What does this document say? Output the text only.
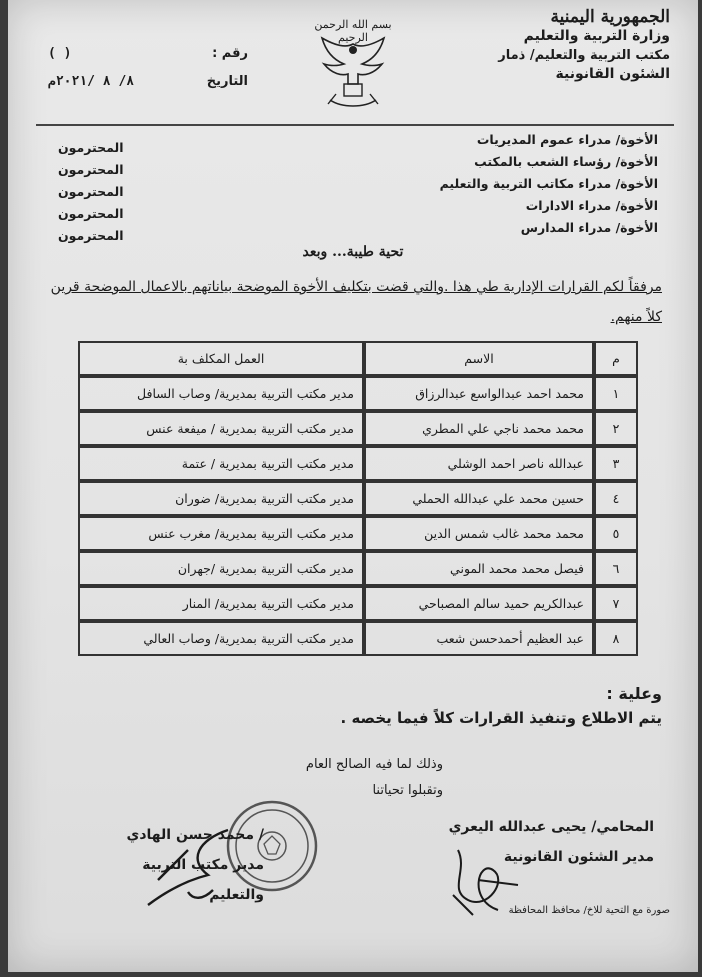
الجمهورية اليمنية
وزارة التربية والتعليم
مكتب التربية والتعليم/ ذمار
الشئون القانونية
بسم الله الرحمن الرحيم
رقم :
( )
التاريخ
٨/ ٨ /٢٠٢١م
الأخوة/ مدراء عموم المديريات
المحترمون
الأخوة/ رؤساء الشعب بالمكتب
المحترمون
الأخوة/ مدراء مكاتب التربية والتعليم
المحترمون
الأخوة/ مدراء الادارات
المحترمون
الأخوة/ مدراء المدارس
المحترمون
تحية طيبة... وبعد
مرفقاً لكم القرارات الإدارية طي هذا .والتي قضت بتكليف الأخوة الموضحة بياناتهم بالاعمال الموضحة قرين كلاً منهم.
م	الاسم	العمل المكلف بة
١	محمد احمد عبدالواسع عبدالرزاق	مدير مكتب التربية بمديرية/ وصاب السافل
٢	محمد محمد ناجي علي المطري	مدير مكتب التربية بمديرية / ميفعة عنس
٣	عبدالله ناصر احمد الوشلي	مدير مكتب التربية بمديرية / عتمة
٤	حسين محمد علي عبدالله الحملي	مدير مكتب التربية بمديرية/ ضوران
٥	محمد محمد غالب شمس الدين	مدير مكتب التربية بمديرية/ مغرب عنس
٦	فيصل محمد محمد الموني	مدير مكتب التربية بمديرية /جهران
٧	عبدالكريم حميد سالم المصباحي	مدير مكتب التربية بمديرية/ المنار
٨	عبد العظيم أحمدحسن شعب	مدير مكتب التربية بمديرية/ وصاب العالي
وعلية :
يتم الاطلاع وتنفيذ القرارات كلاً فيما يخصه .
وذلك لما فيه الصالح العام
وتقبلوا تحياتنا
المحامي/ يحيى عبدالله اليعري
مدير الشئون القانونية
/ محمد حسن الهادي
مدير مكتب التربية والتعليم
صورة مع التحية للاخ/ محافظ المحافظة
